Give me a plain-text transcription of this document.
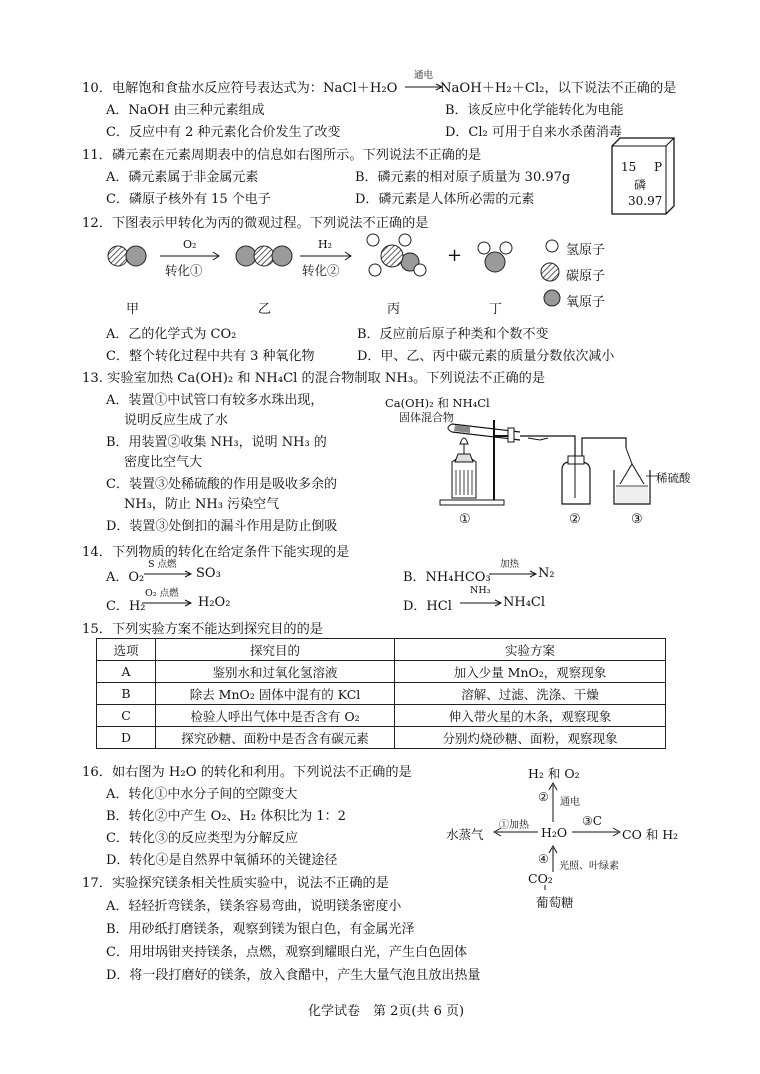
10．电解饱和食盐水反应符号表达式为：NaCl＋H₂O
通电
NaOH＋H₂＋Cl₂，以下说法不正确的是
A．NaOH 由三种元素组成	B．该反应中化学能转化为电能
C．反应中有 2 种元素化合价发生了改变	D．Cl₂ 可用于自来水杀菌消毒
11．磷元素在元素周期表中的信息如右图所示。下列说法不正确的是
A．磷元素属于非金属元素	B．磷元素的相对原子质量为 30.97g
C．磷原子核外有 15 个电子	D．磷元素是人体所必需的元素
15 P
磷
30.97
12．下图表示甲转化为丙的微观过程。下列说法不正确的是
O₂
转化①
H₂
转化②
+
甲	乙	丙	丁
氢原子
碳原子
氧原子
A．乙的化学式为 CO₂	B．反应前后原子种类和个数不变
C．整个转化过程中共有 3 种氧化物	D．甲、乙、丙中碳元素的质量分数依次减小
13. 实验室加热 Ca(OH)₂ 和 NH₄Cl 的混合物制取 NH₃。下列说法不正确的是
A．装置①中试管口有较多水珠出现，
说明反应生成了水
B．用装置②收集 NH₃，说明 NH₃ 的
密度比空气大
C．装置③处稀硫酸的作用是吸收多余的
NH₃，防止 NH₃ 污染空气
D．装置③处倒扣的漏斗作用是防止倒吸
Ca(OH)₂ 和 NH₄Cl
固体混合物
稀硫酸
①	②	③
14．下列物质的转化在给定条件下能实现的是
A．O₂
S 点燃
SO₃	B．NH₄HCO₃
加热
N₂
C．H₂
O₂ 点燃
H₂O₂	D．HCl
NH₃
NH₄Cl
15．下列实验方案不能达到探究目的的是
选项	探究目的	实验方案
A	鉴别水和过氧化氢溶液	加入少量 MnO₂，观察现象
B	除去 MnO₂ 固体中混有的 KCl	溶解、过滤、洗涤、干燥
C	检验人呼出气体中是否含有 O₂	伸入带火星的木条，观察现象
D	探究砂糖、面粉中是否含有碳元素	分别灼烧砂糖、面粉，观察现象
16．如右图为 H₂O 的转化和利用。下列说法不正确的是
A．转化①中水分子间的空隙变大
B．转化②中产生 O₂、H₂ 体积比为 1：2
C．转化③的反应类型为分解反应
D．转化④是自然界中氧循环的关键途径
H₂ 和 O₂
水蒸气	H₂O	CO 和 H₂
CO₂
葡萄糖
①加热
② 通电
③C
④
光照、叶绿素
17．实验探究镁条相关性质实验中，说法不正确的是
A．轻轻折弯镁条，镁条容易弯曲，说明镁条密度小
B．用砂纸打磨镁条，观察到镁为银白色，有金属光泽
C．用坩埚钳夹持镁条，点燃，观察到耀眼白光，产生白色固体
D．将一段打磨好的镁条，放入食醋中，产生大量气泡且放出热量
化学试卷　第 2页(共 6 页)
